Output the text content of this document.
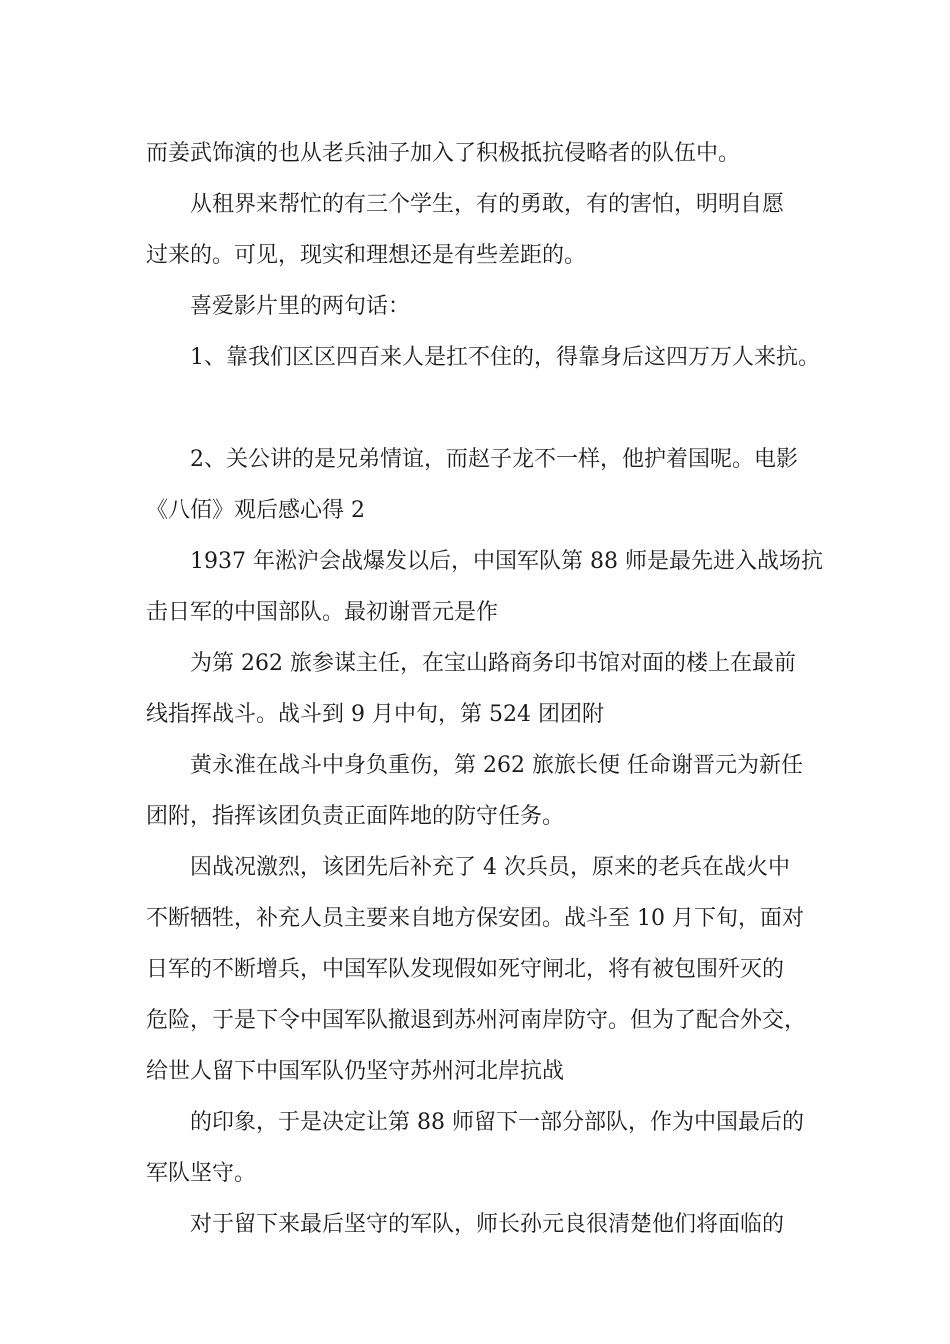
而姜武饰演的也从老兵油子加入了积极抵抗侵略者的队伍中。
从租界来帮忙的有三个学生，有的勇敢，有的害怕，明明自愿
过来的。可见，现实和理想还是有些差距的。
喜爱影片里的两句话：
1、靠我们区区四百来人是扛不住的，得靠身后这四万万人来抗。
2、关公讲的是兄弟情谊，而赵子龙不一样，他护着国呢。电影
《八佰》观后感心得 2
1937 年淞沪会战爆发以后，中国军队第 88 师是最先进入战场抗
击日军的中国部队。最初谢晋元是作
为第 262 旅参谋主任，在宝山路商务印书馆对面的楼上在最前
线指挥战斗。战斗到 9 月中旬，第 524 团团附
黄永淮在战斗中身负重伤，第 262 旅旅长便 任命谢晋元为新任
团附，指挥该团负责正面阵地的防守任务。
因战况激烈，该团先后补充了 4 次兵员，原来的老兵在战火中
不断牺牲，补充人员主要来自地方保安团。战斗至 10 月下旬，面对
日军的不断增兵，中国军队发现假如死守闸北，将有被包围歼灭的
危险，于是下令中国军队撤退到苏州河南岸防守。但为了配合外交，
给世人留下中国军队仍坚守苏州河北岸抗战
的印象，于是决定让第 88 师留下一部分部队，作为中国最后的
军队坚守。
对于留下来最后坚守的军队，师长孙元良很清楚他们将面临的
